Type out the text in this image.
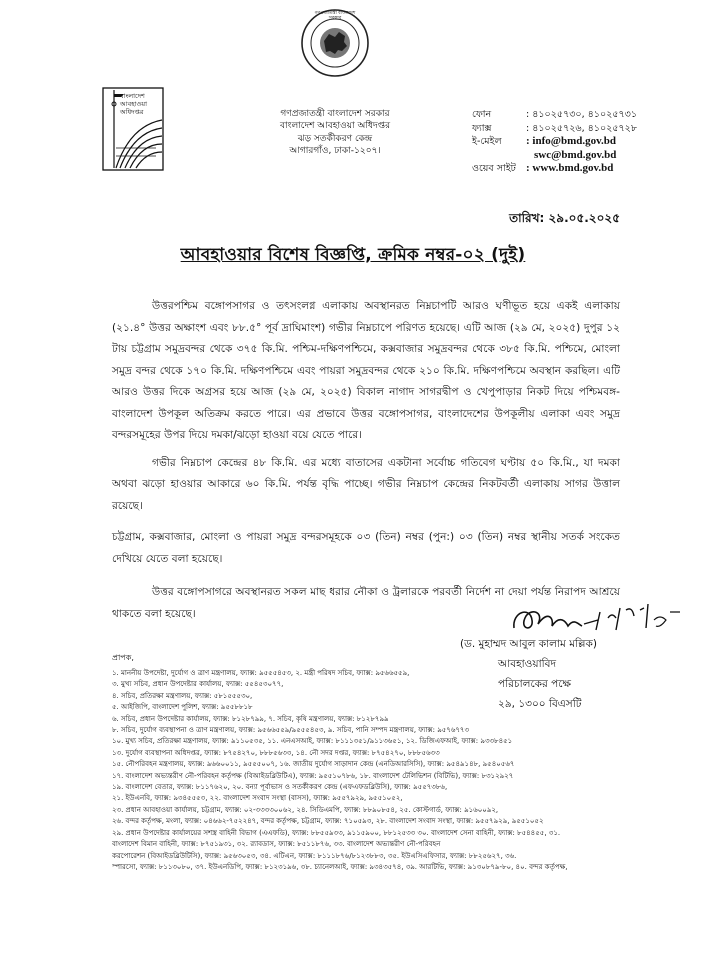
বাংলাদেশ আবহাওয়া অধিদপ্তর
গণপ্রজাতন্ত্রী বাংলাদেশ সরকার
গণপ্রজাতন্ত্রী বাংলাদেশ সরকার
বাংলাদেশ আবহাওয়া অধিদপ্তর
ঝড় সতর্কীকরণ কেন্দ্র
আগারগাঁও, ঢাকা-১২০৭।
ফোন	: ৪১০২৫৭৩০, ৪১০২৫৭৩১
ফ্যাক্স	: ৪১০২৫৭২৬, ৪১০২৫৭২৮
ই-মেইল : info@bmd.gov.bd
swc@bmd.gov.bd
ওয়েব সাইট : www.bmd.gov.bd
তারিখ: ২৯.০৫.২০২৫
আবহাওয়ার বিশেষ বিজ্ঞপ্তি, ক্রমিক নম্বর-০২ (দুই)

উত্তরপশ্চিম বঙ্গোপসাগর ও তৎসংলগ্ন এলাকায় অবস্থানরত নিম্নচাপটি আরও ঘণীভূত হয়ে একই এলাকায় (২১.৪° উত্তর অক্ষাংশ এবং ৮৮.৫° পূর্ব দ্রাঘিমাংশ) গভীর নিম্নচাপে পরিণত হয়েছে। এটি আজ (২৯ মে, ২০২৫) দুপুর ১২ টায় চট্টগ্রাম সমুদ্রবন্দর থেকে ৩৭৫ কি.মি. পশ্চিম-দক্ষিণপশ্চিমে, কক্সবাজার সমুদ্রবন্দর থেকে ৩৮৫ কি.মি. পশ্চিমে, মোংলা সমুদ্র বন্দর থেকে ১৭০ কি.মি. দক্ষিণপশ্চিমে এবং পায়রা সমুদ্রবন্দর থেকে ২১০ কি.মি. দক্ষিণপশ্চিমে অবস্থান করছিল। এটি আরও উত্তর দিকে অগ্রসর হয়ে আজ (২৯ মে, ২০২৫) বিকাল নাগাদ সাগরদ্বীপ ও খেপুপাড়ার নিকট দিয়ে পশ্চিমবঙ্গ-বাংলাদেশ উপকূল অতিক্রম করতে পারে। এর প্রভাবে উত্তর বঙ্গোপসাগর, বাংলাদেশের উপকূলীয় এলাকা এবং সমুদ্র বন্দরসমূহের উপর দিয়ে দমকা/ঝড়ো হাওয়া বয়ে যেতে পারে।

গভীর নিম্নচাপ কেন্দ্রের ৪৮ কি.মি. এর মধ্যে বাতাসের একটানা সর্বোচ্চ গতিবেগ ঘণ্টায় ৫০ কি.মি., যা দমকা অথবা ঝড়ো হাওয়ার আকারে ৬০ কি.মি. পর্যন্ত বৃদ্ধি পাচ্ছে। গভীর নিম্নচাপ কেন্দ্রের নিকটবর্তী এলাকায় সাগর উত্তাল রয়েছে।

চট্টগ্রাম, কক্সবাজার, মোংলা ও পায়রা সমুদ্র বন্দরসমূহকে ০৩ (তিন) নম্বর (পুন:) ০৩ (তিন) নম্বর স্থানীয় সতর্ক সংকেত দেখিয়ে যেতে বলা হয়েছে।

উত্তর বঙ্গোপসাগরে অবস্থানরত সকল মাছ ধরার নৌকা ও ট্রলারকে পরবর্তী নির্দেশ না দেয়া পর্যন্ত নিরাপদ আশ্রয়ে থাকতে বলা হয়েছে।

(ড. মুহাম্মদ আবুল কালাম মল্লিক)
আবহাওয়াবিদ
পরিচালকের পক্ষে
২৯, ১৩০০ বিএসটি
প্রাপক,
১. মাননীয় উপদেষ্টা, দুর্যোগ ও ত্রাণ মন্ত্রণালয়, ফ্যাক্স: ৯৫৫৫৪৫৩, ২. মন্ত্রী পরিষদ সচিব, ফ্যাক্স: ৯৫৬৬৫৫৯,
৩. মুখ্য সচিব, প্রধান উপদেষ্টার কার্যালয়, ফ্যাক্স: ৫৫৪৫৩০৭৭,
৪. সচিব, প্রতিরক্ষা মন্ত্রণালয়, ফ্যাক্স: ৫৮১৫৫৫৩০,
৫. আইজিপি, বাংলাদেশ পুলিশ, ফ্যাক্স: ৯৫৫৮৮১৮
৬. সচিব, প্রধান উপদেষ্টার কার্যালয়, ফ্যাক্স: ৮১২৮৭৯৯, ৭. সচিব, কৃষি মন্ত্রণালয়, ফ্যাক্স: ৮১২৮৭৯৯
৮. সচিব, দুর্যোগ ব্যবস্থাপনা ও ত্রাণ মন্ত্রণালয়, ফ্যাক্স: ৯৫৬৬৫৫৯/৯৫৫৫৪৫৩, ৯. সচিব, পানি সম্পদ মন্ত্রণালয়, ফ্যাক্স: ৯৫৭৬৭৭৩
১০. মুখ্য সচিব, প্রতিরক্ষা মন্ত্রণালয়, ফ্যাক্স: ৯১১০৫৩৫, ১১. এনএসআই, ফ্যাক্স: ৮১১১৩৫১/৯১১৩৬৫১, ১২. ডিজিএফআই, ফ্যাক্স: ৯৩৩৮৪৫১
১৩. দুর্যোগ ব্যবস্থাপনা অধিদপ্তর, ফ্যাক্স: ৮৭৫৪২৭০, ৮৮৮৫৬৩৩, ১৪. নৌ সদর দপ্তর, ফ্যাক্স: ৮৭৫৪২৭০, ৮৮৮৫৬৩৩
১৫. নৌপরিবহন মন্ত্রণালয়, ফ্যাক্স: ৯৬৬০০১১, ৯৫৫৫০০৭, ১৬. জাতীয় দুর্যোগ সাড়াদান কেন্দ্র (এনডিআরসিসি), ফ্যাক্স: ৯৫৪৯১৪৮, ৯৫৪০৫৬৭
১৭. বাংলাদেশ অভ্যন্তরীণ নৌ-পরিবহন কর্তৃপক্ষ (বিআইডব্লিউটিএ), ফ্যাক্স: ৯৫৫১০৭৮৬, ১৮. বাংলাদেশ টেলিভিশন (বিটিভি), ফ্যাক্স: ৮৩১২৯২৭
১৯. বাংলাদেশ বেতার, ফ্যাক্স: ৮১১৭৬২০, ২০. বন্যা পূর্বাভাস ও সতর্কীকরণ কেন্দ্র (এফএফডব্লিউসি), ফ্যাক্স: ৯৫৫৭৩৮৬,
২১. ইউএনবি, ফ্যাক্স: ৯৩৪৫৫৫৩, ২২. বাংলাদেশ সংবাদ সংস্থা (বাসস), ফ্যাক্স: ৯৫৫৭৯২৯, ৯৫৫১০৫২,
২৩. প্রধান আবহাওয়া কার্যালয়, চট্টগ্রাম, ফ্যাক্স: ০২-৩৩৩৩০০৬২, ২৪. সিডিএমপি, ফ্যাক্স: ৮৮৯০৮৫৪, ২৫. কোস্টগার্ড, ফ্যাক্স: ৯১৬০০৯২,
২৬. বন্দর কর্তৃপক্ষ, মংলা, ফ্যাক্স: ০৪৬৬২-৭৫২২৪৭, বন্দর কর্তৃপক্ষ, চট্টগ্রাম, ফ্যাক্স: ৭১০৫৯৩, ২৮. বাংলাদেশ সংবাদ সংস্থা, ফ্যাক্স: ৯৫৫৭৯২৯, ৯৫৫১০৫২
২৯. প্রধান উপদেষ্টার কার্যালয়ের সশস্ত্র বাহিনী বিভাগ (এএফডি), ফ্যাক্স: ৮৮৫৫৯৩৩, ৯১১৫৯০০, ৮৮১২৫৩৩ ৩০. বাংলাদেশ সেনা বাহিনী, ফ্যাক্স: ৮৫৪৪৫৫, ৩১.
বাংলাদেশ বিমান বাহিনী, ফ্যাক্স: ৮৭৫১৯৩১, ৩২. র‍্যাবডাস, ফ্যাক্স: ৮৫১১৮৭৬, ৩৩. বাংলাদেশ অভ্যন্তরীণ নৌ-পরিবহন
করপোরেশন (বিআইডব্লিউটিসি), ফ্যাক্স: ৯৫৬৩০৫৩, ৩৪. এটিএন, ফ্যাক্স: ৮১১১৮৭৬/৮১২৩৮৮৩, ৩৫. ইউএসিএফিসার, ফ্যাক্স: ৮৮২৫৬২৭, ৩৬.
স্পারসো, ফ্যাক্স: ৮১১৩০৮০, ৩৭. ইউএনডিপি, ফ্যাক্স: ৮১২৩১৯৬, ৩৮. চ্যানেলআই, ফ্যাক্স: ৯৩৪৩৫৭৪, ৩৯. আরটিভি, ফ্যাক্স: ৯১৩০৮৭৯-৮০, ৪০. বন্দর কর্তৃপক্ষ,
